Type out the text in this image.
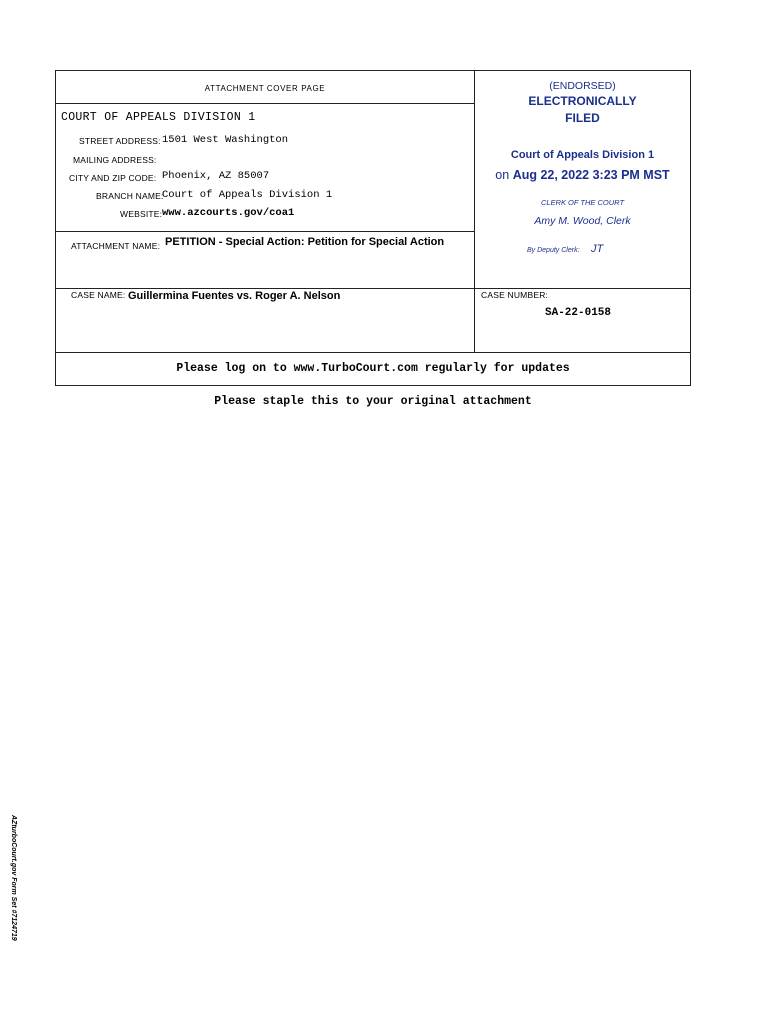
ATTACHMENT COVER PAGE
COURT OF APPEALS DIVISION 1
STREET ADDRESS: 1501 West Washington
MAILING ADDRESS:
CITY AND ZIP CODE: Phoenix, AZ 85007
BRANCH NAME:
Court of Appeals Division 1
WEBSITE: www.azcourts.gov/coa1
ATTACHMENT NAME: PETITION - Special Action: Petition for Special Action
(ENDORSED)
ELECTRONICALLY
FILED
Court of Appeals Division 1
on Aug 22, 2022 3:23 PM MST
CLERK OF THE COURT
Amy M. Wood, Clerk
By Deputy Clerk: JT
CASE NAME: Guillermina Fuentes vs. Roger A. Nelson	CASE NUMBER:
SA-22-0158
Please log on to www.TurboCourt.com regularly for updates
Please staple this to your original attachment
AZturboCourt.gov Form Set #7124719
